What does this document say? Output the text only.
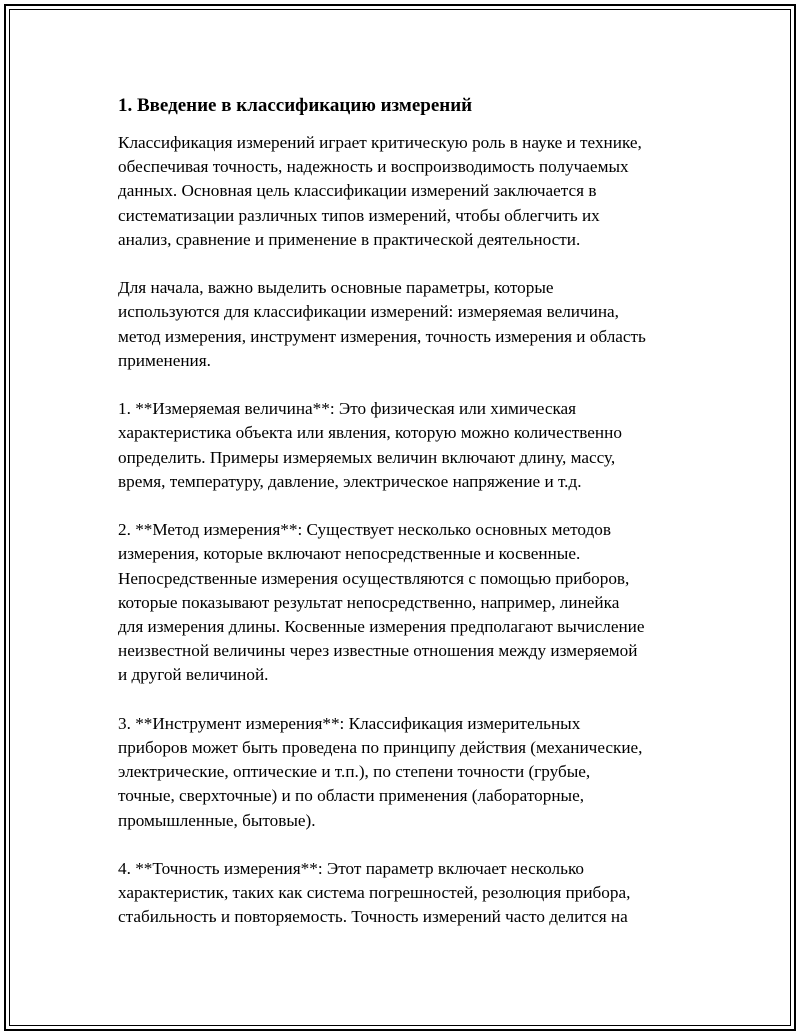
1. Введение в классификацию измерений

Классификация измерений играет критическую роль в науке и технике,
обеспечивая точность, надежность и воспроизводимость получаемых
данных. Основная цель классификации измерений заключается в
систематизации различных типов измерений, чтобы облегчить их
анализ, сравнение и применение в практической деятельности.

Для начала, важно выделить основные параметры, которые
используются для классификации измерений: измеряемая величина,
метод измерения, инструмент измерения, точность измерения и область
применения.

1. **Измеряемая величина**: Это физическая или химическая
характеристика объекта или явления, которую можно количественно
определить. Примеры измеряемых величин включают длину, массу,
время, температуру, давление, электрическое напряжение и т.д.

2. **Метод измерения**: Существует несколько основных методов
измерения, которые включают непосредственные и косвенные.
Непосредственные измерения осуществляются с помощью приборов,
которые показывают результат непосредственно, например, линейка
для измерения длины. Косвенные измерения предполагают вычисление
неизвестной величины через известные отношения между измеряемой
и другой величиной.

3. **Инструмент измерения**: Классификация измерительных
приборов может быть проведена по принципу действия (механические,
электрические, оптические и т.п.), по степени точности (грубые,
точные, сверхточные) и по области применения (лабораторные,
промышленные, бытовые).

4. **Точность измерения**: Этот параметр включает несколько
характеристик, таких как система погрешностей, резолюция прибора,
стабильность и повторяемость. Точность измерений часто делится на
